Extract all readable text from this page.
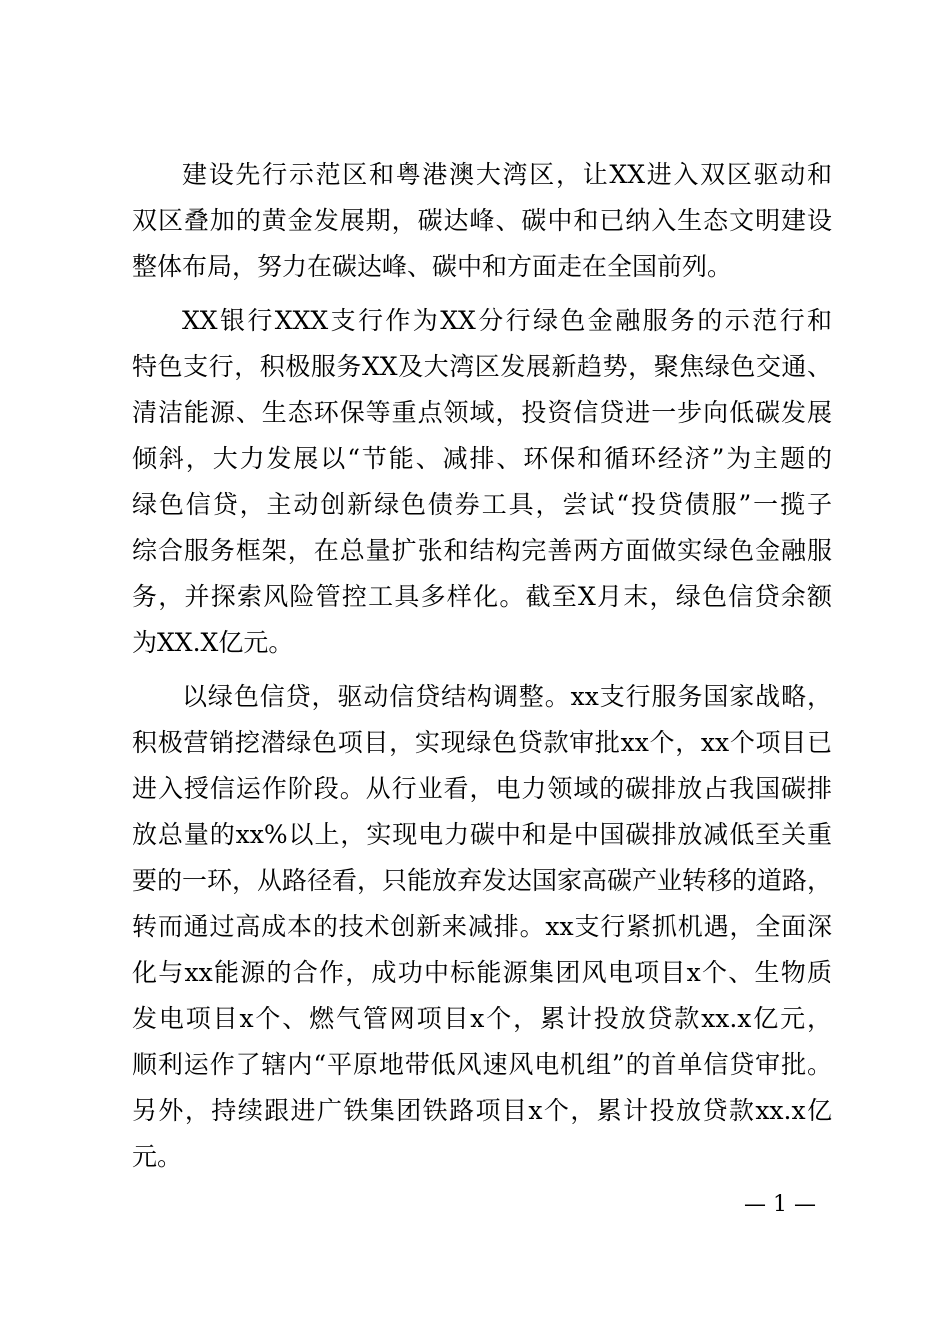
建设先行示范区和粤港澳大湾区，让XX进入双区驱动和
双区叠加的黄金发展期，碳达峰、碳中和已纳入生态文明建设
整体布局，努力在碳达峰、碳中和方面走在全国前列。
XX银行XXX支行作为XX分行绿色金融服务的示范行和
特色支行，积极服务XX及大湾区发展新趋势，聚焦绿色交通、
清洁能源、生态环保等重点领域，投资信贷进一步向低碳发展
倾斜，大力发展以“节能、减排、环保和循环经济”为主题的
绿色信贷，主动创新绿色债券工具，尝试“投贷债服”一揽子
综合服务框架，在总量扩张和结构完善两方面做实绿色金融服
务，并探索风险管控工具多样化。截至X月末，绿色信贷余额
为XX.X亿元。
以绿色信贷，驱动信贷结构调整。xx支行服务国家战略，
积极营销挖潜绿色项目，实现绿色贷款审批xx个，xx个项目已
进入授信运作阶段。从行业看，电力领域的碳排放占我国碳排
放总量的xx%以上，实现电力碳中和是中国碳排放减低至关重
要的一环，从路径看，只能放弃发达国家高碳产业转移的道路，
转而通过高成本的技术创新来减排。xx支行紧抓机遇，全面深
化与xx能源的合作，成功中标能源集团风电项目x个、生物质
发电项目x个、燃气管网项目x个，累计投放贷款xx.x亿元，
顺利运作了辖内“平原地带低风速风电机组”的首单信贷审批。
另外，持续跟进广铁集团铁路项目x个，累计投放贷款xx.x亿
元。
— 1 —
